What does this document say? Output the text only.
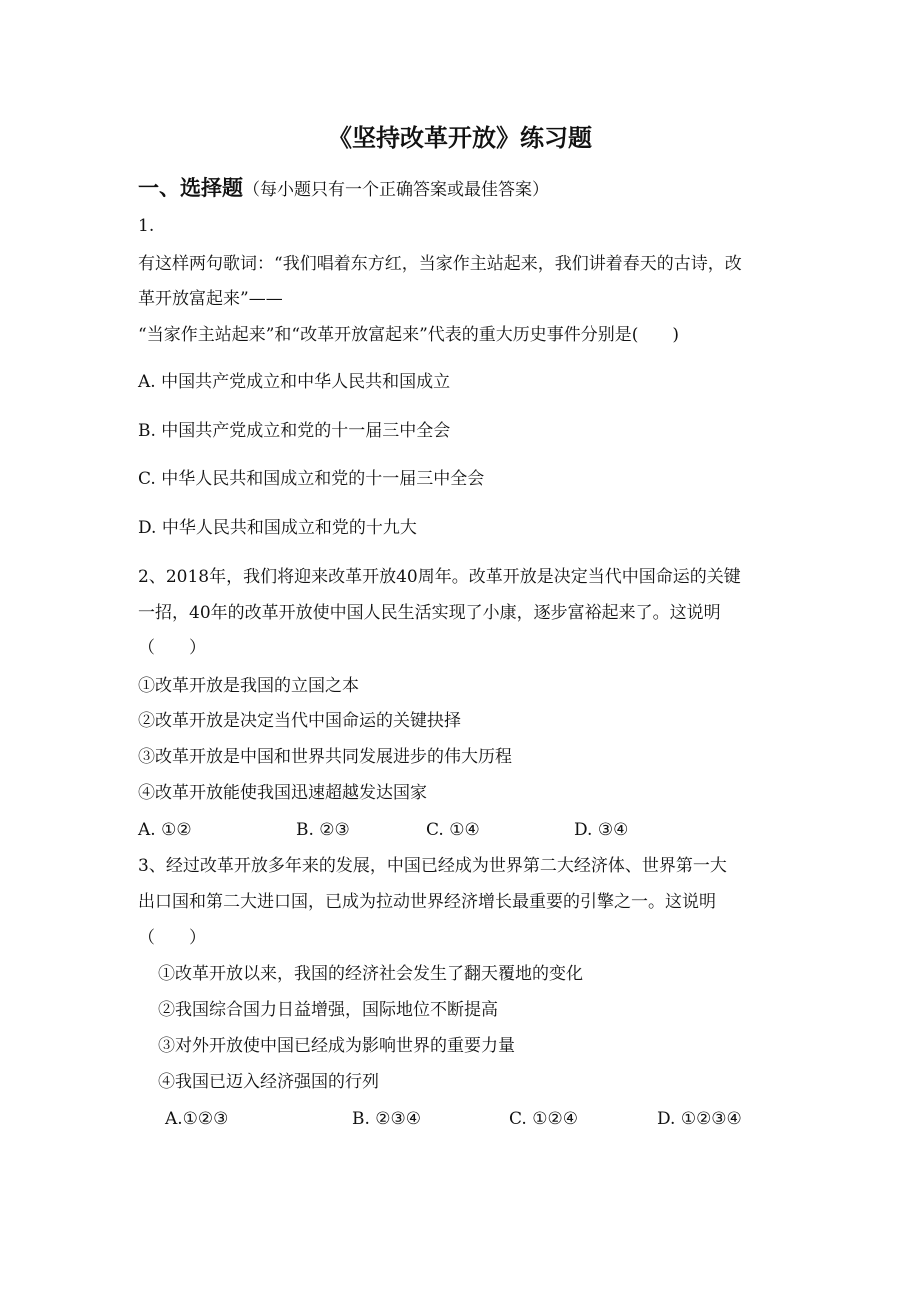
《坚持改革开放》练习题
一、选择题（每小题只有一个正确答案或最佳答案）
1.
有这样两句歌词：“我们唱着东方红，当家作主站起来，我们讲着春天的古诗，改
革开放富起来”——
“当家作主站起来”和“改革开放富起来”代表的重大历史事件分别是(　　)
A. 中国共产党成立和中华人民共和国成立
B. 中国共产党成立和党的十一届三中全会
C. 中华人民共和国成立和党的十一届三中全会
D. 中华人民共和国成立和党的十九大
2、2018年，我们将迎来改革开放40周年。改革开放是决定当代中国命运的关键
一招，40年的改革开放使中国人民生活实现了小康，逐步富裕起来了。这说明
（　　）
①改革开放是我国的立国之本
②改革开放是决定当代中国命运的关键抉择
③改革开放是中国和世界共同发展进步的伟大历程
④改革开放能使我国迅速超越发达国家
A. ①②	B. ②③	C. ①④	D. ③④
3、经过改革开放多年来的发展，中国已经成为世界第二大经济体、世界第一大
出口国和第二大进口国，已成为拉动世界经济增长最重要的引擎之一。这说明
（　　）
①改革开放以来，我国的经济社会发生了翻天覆地的变化
②我国综合国力日益增强，国际地位不断提高
③对外开放使中国已经成为影响世界的重要力量
④我国已迈入经济强国的行列
A.①②③	B. ②③④	C. ①②④	D. ①②③④
